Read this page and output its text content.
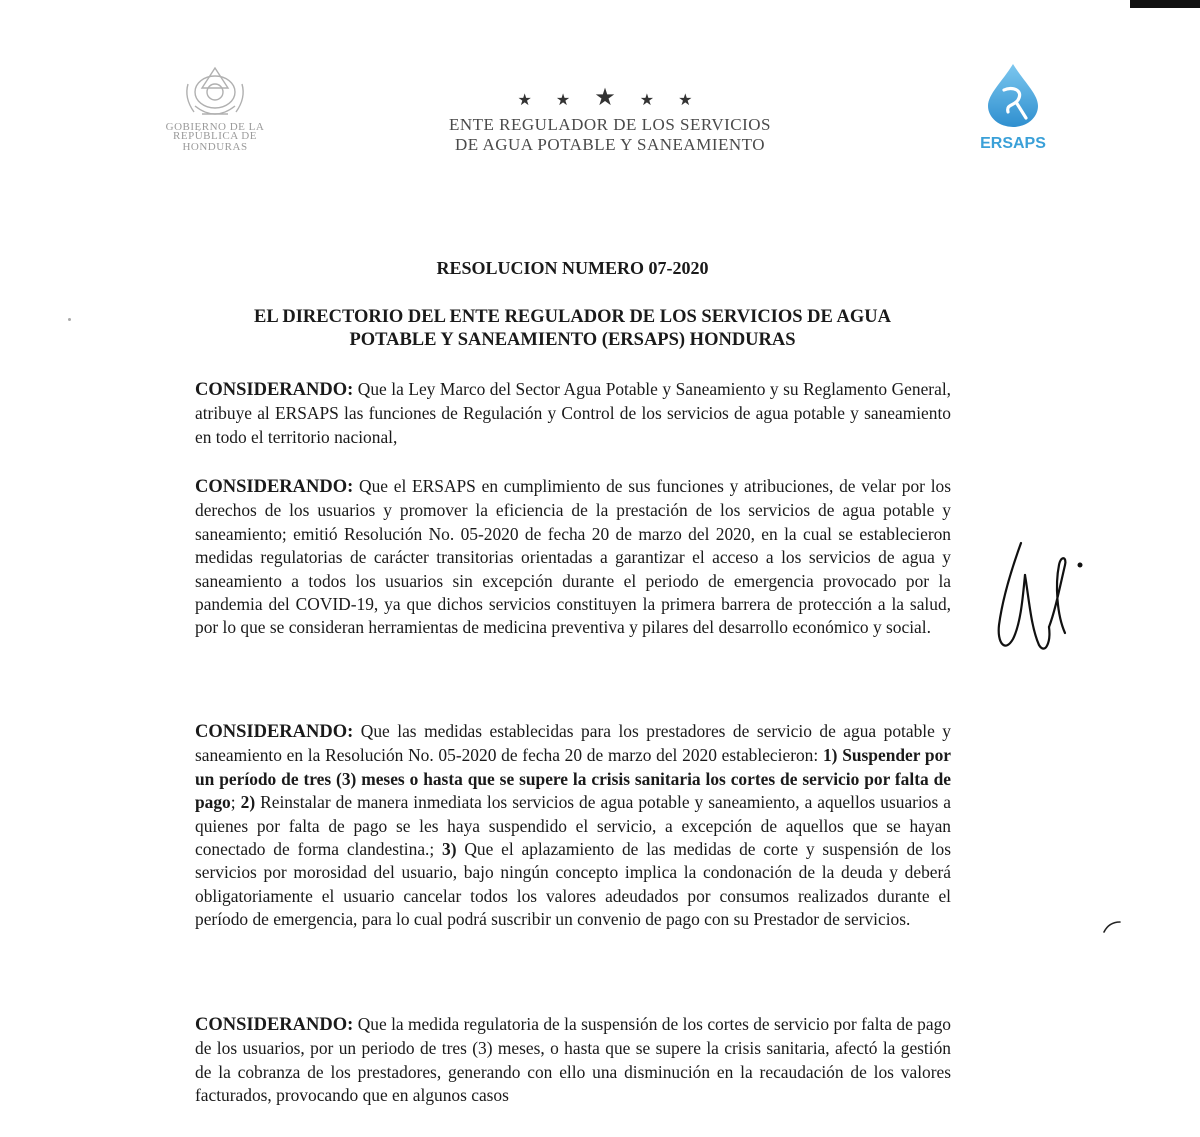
GOBIERNO DE LA
REPÚBLICA DE HONDURAS
★ ★ ★ ★ ★
ENTE REGULADOR DE LOS SERVICIOS
DE AGUA POTABLE Y SANEAMIENTO	ERSAPS
RESOLUCION NUMERO 07-2020
EL DIRECTORIO DEL ENTE REGULADOR DE LOS SERVICIOS DE AGUA
POTABLE Y SANEAMIENTO (ERSAPS) HONDURAS

CONSIDERANDO: Que la Ley Marco del Sector Agua Potable y Saneamiento y su Reglamento General, atribuye al ERSAPS las funciones de Regulación y Control de los servicios de agua potable y saneamiento en todo el territorio nacional,

CONSIDERANDO: Que el ERSAPS en cumplimiento de sus funciones y atribuciones, de velar por los derechos de los usuarios y promover la eficiencia de la prestación de los servicios de agua potable y saneamiento; emitió Resolución No. 05-2020 de fecha 20 de marzo del 2020, en la cual se establecieron medidas regulatorias de carácter transitorias orientadas a garantizar el acceso a los servicios de agua y saneamiento a todos los usuarios sin excepción durante el periodo de emergencia provocado por la pandemia del COVID-19, ya que dichos servicios constituyen la primera barrera de protección a la salud, por lo que se consideran herramientas de medicina preventiva y pilares del desarrollo económico y social.

CONSIDERANDO: Que las medidas establecidas para los prestadores de servicio de agua potable y saneamiento en la Resolución No. 05-2020 de fecha 20 de marzo del 2020 establecieron: 1) Suspender por un período de tres (3) meses o hasta que se supere la crisis sanitaria los cortes de servicio por falta de pago; 2) Reinstalar de manera inmediata los servicios de agua potable y saneamiento, a aquellos usuarios a quienes por falta de pago se les haya suspendido el servicio, a excepción de aquellos que se hayan conectado de forma clandestina.; 3) Que el aplazamiento de las medidas de corte y suspensión de los servicios por morosidad del usuario, bajo ningún concepto implica la condonación de la deuda y deberá obligatoriamente el usuario cancelar todos los valores adeudados por consumos realizados durante el período de emergencia, para lo cual podrá suscribir un convenio de pago con su Prestador de servicios.

CONSIDERANDO: Que la medida regulatoria de la suspensión de los cortes de servicio por falta de pago de los usuarios, por un periodo de tres (3) meses, o hasta que se supere la crisis sanitaria, afectó la gestión de la cobranza de los prestadores, generando con ello una disminución en la recaudación de los valores facturados, provocando que en algunos casos
